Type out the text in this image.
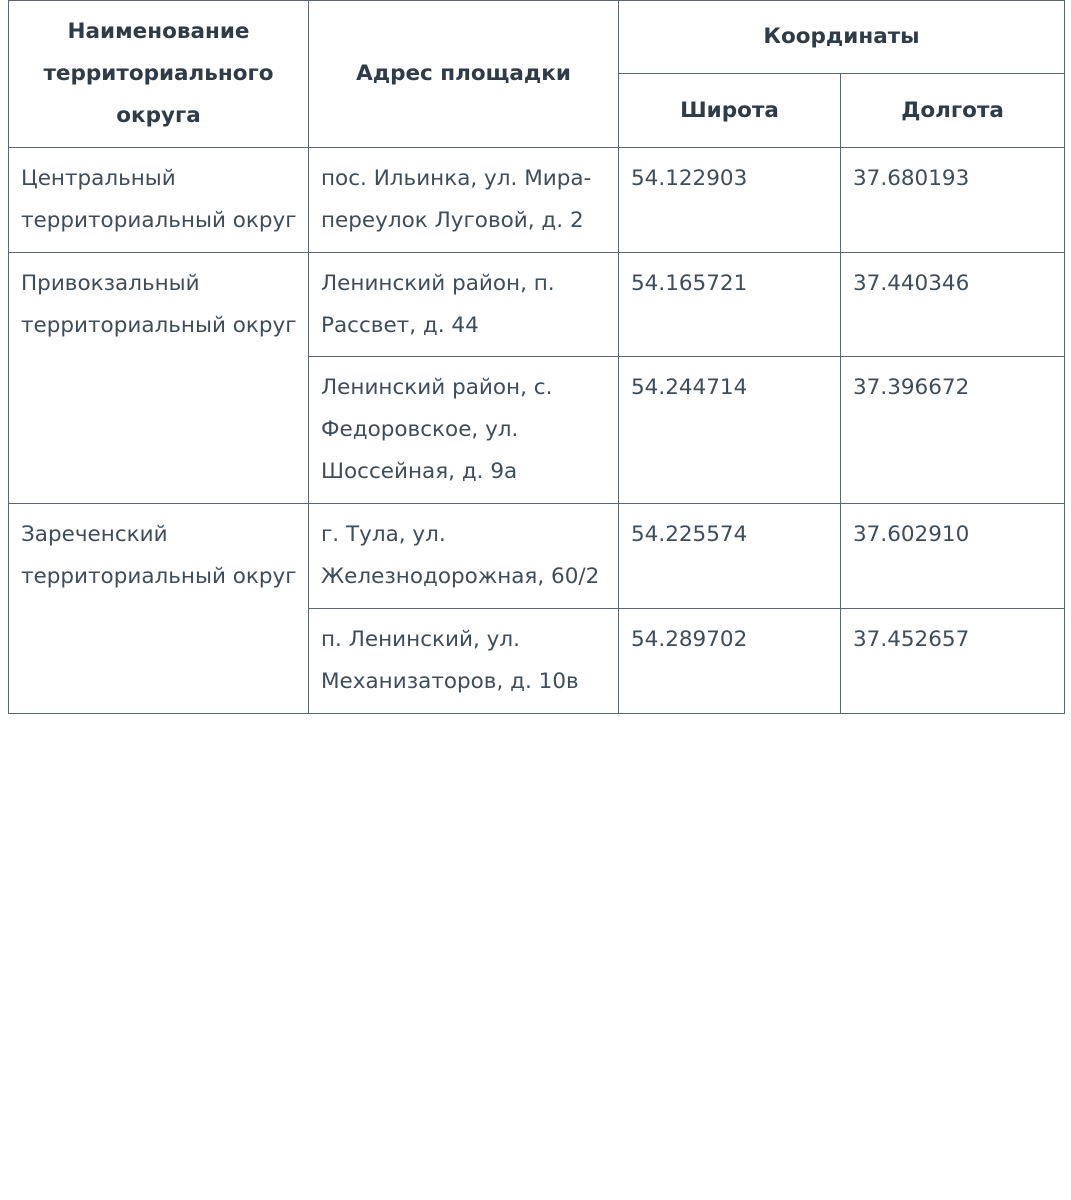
Наименование территориального округа	Адрес площадки	Координаты	
		Широта	Долгота
Центральный территориальный округ	пос. Ильинка, ул. Мира-переулок Луговой, д. 2	54.122903	37.680193
Привокзальный территориальный округ	Ленинский район, п. Рассвет, д. 44	54.165721	37.440346
	Ленинский район, с. Федоровское, ул. Шоссейная, д. 9а	54.244714	37.396672
Зареченский территориальный округ	г. Тула, ул. Железнодорожная, 60/2	54.225574	37.602910
	п. Ленинский, ул. Механизаторов, д. 10в	54.289702	37.452657
